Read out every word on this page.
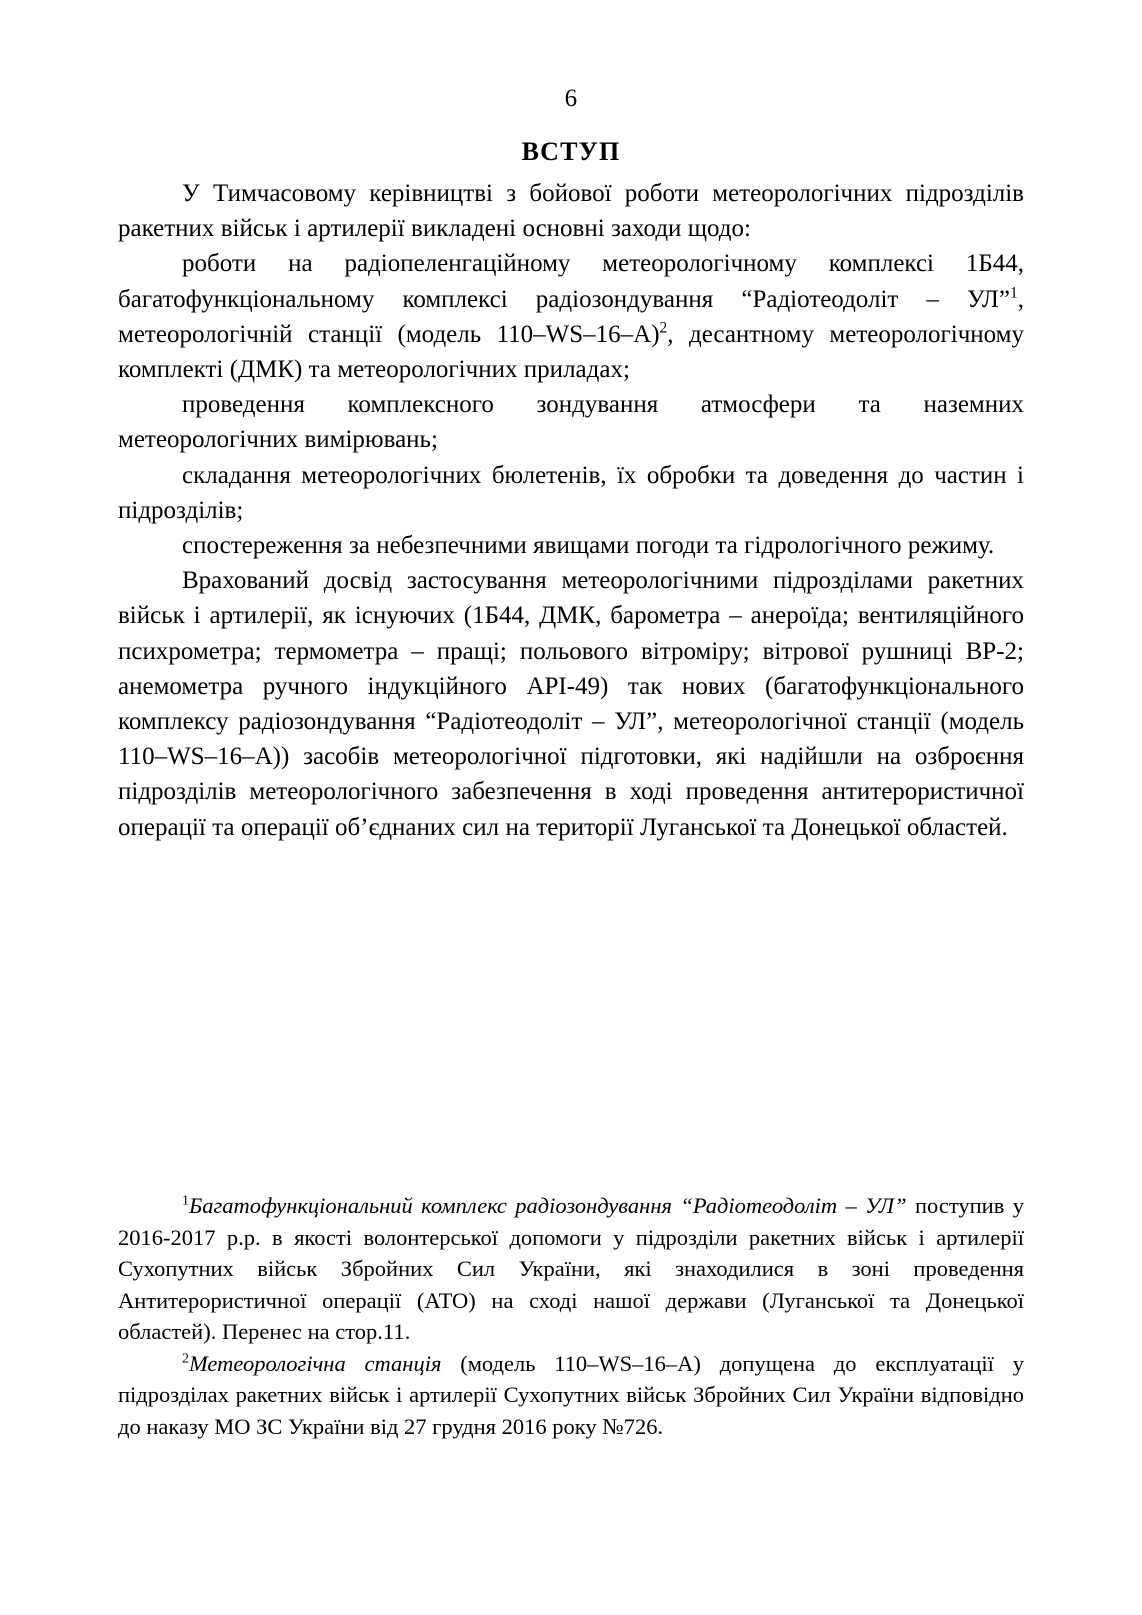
6
ВСТУП

У Тимчасовому керівництві з бойової роботи метеорологічних підрозділів ракетних військ і артилерії викладені основні заходи щодо:

роботи на радіопеленгаційному метеорологічному комплексі 1Б44, багатофункціональному комплексі радіозондування “Радіотеодоліт – УЛ”$^1$, метеорологічній станції (модель 110–WS–16–А)$^2$, десантному метеорологічному комплекті (ДМК) та метеорологічних приладах;

проведення комплексного зондування атмосфери та наземних метеорологічних вимірювань;

складання метеорологічних бюлетенів, їх обробки та доведення до частин і підрозділів;

спостереження за небезпечними явищами погоди та гідрологічного режиму.

Врахований досвід застосування метеорологічними підрозділами ракетних військ і артилерії, як існуючих (1Б44, ДМК, барометра – анероїда; вентиляційного психрометра; термометра – пращі; польового вітроміру; вітрової рушниці ВР-2; анемометра ручного індукційного АРІ-49) так нових (багатофункціонального комплексу радіозондування “Радіотеодоліт – УЛ”, метеорологічної станції (модель 110–WS–16–А)) засобів метеорологічної підготовки, які надійшли на озброєння підрозділів метеорологічного забезпечення в ході проведення антитерористичної операції та операції об’єднаних сил на території Луганської та Донецької областей.

$^1$Багатофункціональний комплекс радіозондування “Радіотеодоліт – УЛ” поступив у 2016-2017 р.р. в якості волонтерської допомоги у підрозділи ракетних військ і артилерії Сухопутних військ Збройних Сил України, які знаходилися в зоні проведення Антитерористичної операції (АТО) на сході нашої держави (Луганської та Донецької областей). Перенес на стор.11.

$^2$Метеорологічна станція (модель 110–WS–16–А) допущена до експлуатації у підрозділах ракетних військ і артилерії Сухопутних військ Збройних Сил України відповідно до наказу МО ЗС України від 27 грудня 2016 року №726.
